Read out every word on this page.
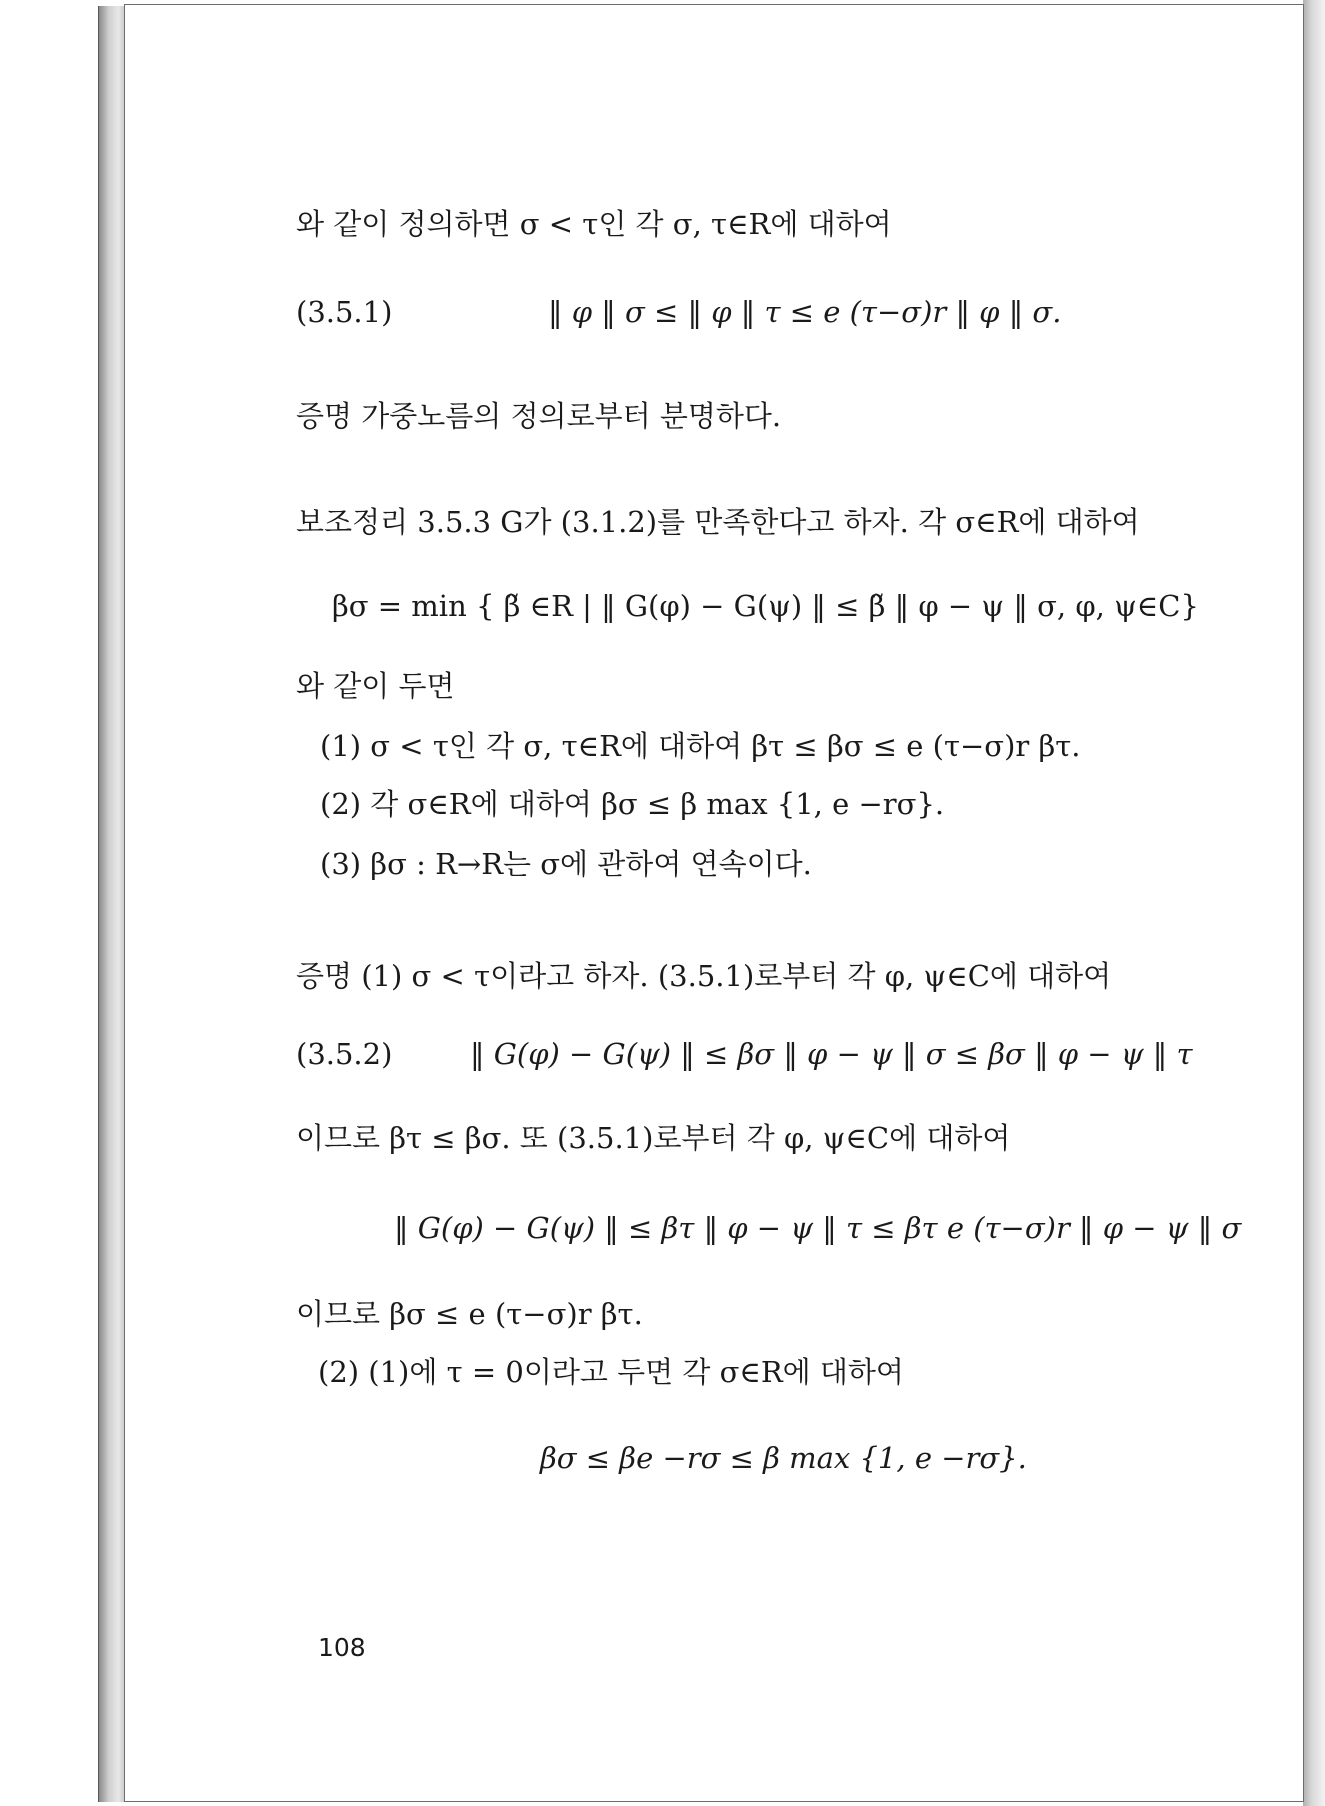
와 같이 정의하면 σ < τ인 각 σ, τ∈R에 대하여
(3.5.1)	‖ φ ‖ σ ≤ ‖ φ ‖ τ ≤ e (τ−σ)r ‖ φ ‖ σ.
증명 가중노름의 정의로부터 분명하다.
보조정리 3.5.3 G가 (3.1.2)를 만족한다고 하자. 각 σ∈R에 대하여
βσ = min { β̃ ∈R | ‖ G(φ) − G(ψ) ‖ ≤ β̃ ‖ φ − ψ ‖ σ, φ, ψ∈C}
와 같이 두면
(1) σ < τ인 각 σ, τ∈R에 대하여 βτ ≤ βσ ≤ e (τ−σ)r βτ.
(2) 각 σ∈R에 대하여 βσ ≤ β max {1, e −rσ}.
(3) βσ : R→R는 σ에 관하여 연속이다.
증명 (1) σ < τ이라고 하자. (3.5.1)로부터 각 φ, ψ∈C에 대하여
(3.5.2)	‖ G(φ) − G(ψ) ‖ ≤ βσ ‖ φ − ψ ‖ σ ≤ βσ ‖ φ − ψ ‖ τ
이므로 βτ ≤ βσ. 또 (3.5.1)로부터 각 φ, ψ∈C에 대하여
‖ G(φ) − G(ψ) ‖ ≤ βτ ‖ φ − ψ ‖ τ ≤ βτ e (τ−σ)r ‖ φ − ψ ‖ σ
이므로 βσ ≤ e (τ−σ)r βτ.
(2) (1)에 τ = 0이라고 두면 각 σ∈R에 대하여
βσ ≤ βe −rσ ≤ β max {1, e −rσ}.
108
